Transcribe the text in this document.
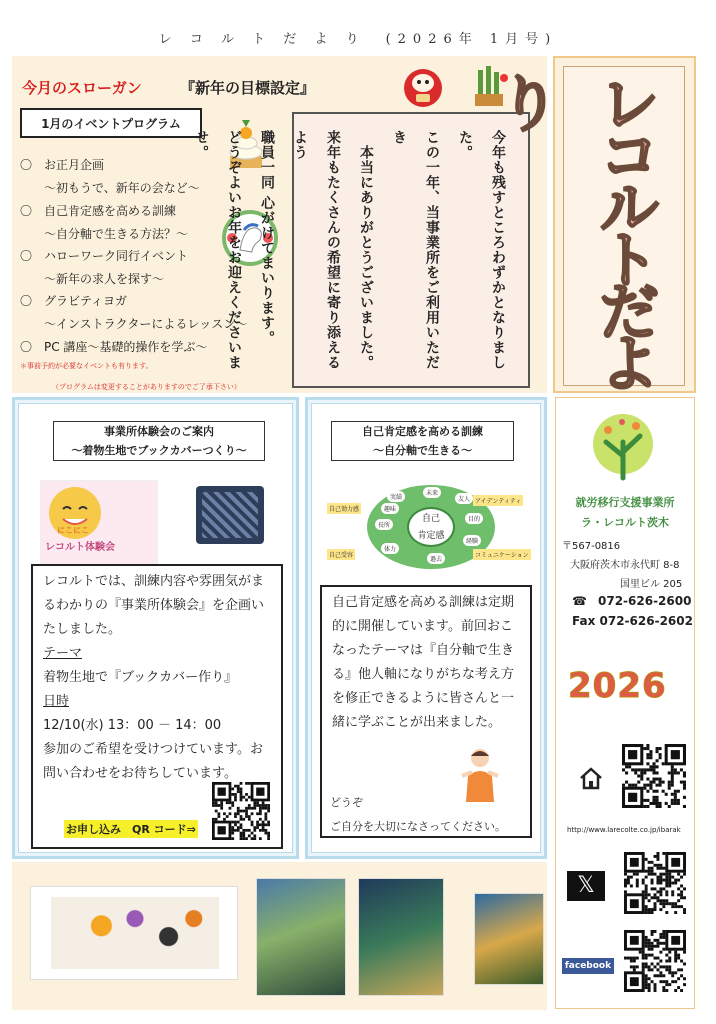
レ コ ル ト だ よ り　(2026年 1月号)
今月のスローガン	『新年の目標設定』
1月のイベントプログラム
〇　お正月企画
　　～初もうで、新年の会など～
〇　自己肯定感を高める訓練
　　～自分軸で生きる方法？～
〇　ハローワーク同行イベント
　　～新年の求人を探す～
〇　グラビティヨガ
　　～インストラクターによるレッスン～
〇　PC 講座～基礎的操作を学ぶ～
＊事前予約が必要なイベントも有ります。
（プログラムは変更することがありますのでご了承下さい）
今年も残すところわずかとなりました。
この一年、当事業所をご利用いただき
　本当にありがとうございました。
来年もたくさんの希望に寄り添えるよう
職員一同 心がけてまいります。
どうぞよいお年をお迎えくださいませ。	レコルトだより
就労移行支援事業所
ラ・レコルト茨木
〒567-0816
大阪府茨木市永代町 8-8
国里ビル 205
☎ 072-626-2600
Fax 072-626-2602
2026
http://www.larecolte.co.jp/ibarak
𝕏
facebook
事業所体験会のご案内
～着物生地でブックカバーつくり～
にこにこ
レコルト体験会
レコルトでは、訓練内容や雰囲気がまるわかりの『事業所体験会』を企画いたしました。
テーマ
着物生地で『ブックカバー作り』
日時
12/10(水) 13：00 － 14：00
参加のご希望を受けつけています。お問い合わせをお待ちしています。
お申し込み　QR コード⇒
自己肯定感を高める訓練
～自分軸で生きる～
自己
肯定感
実績
未来
友人
目的
経験
過去
体力
長所
趣味
自己効力感
自己受容
アイデンティティ
コミュニケーション
自己肯定感を高める訓練は定期的に開催しています。前回おこなったテーマは『自分軸で生きる』他人軸になりがちな考え方を修正できるように皆さんと一緒に学ぶことが出来ました。
どうぞ
ご自分を大切になさってください。
